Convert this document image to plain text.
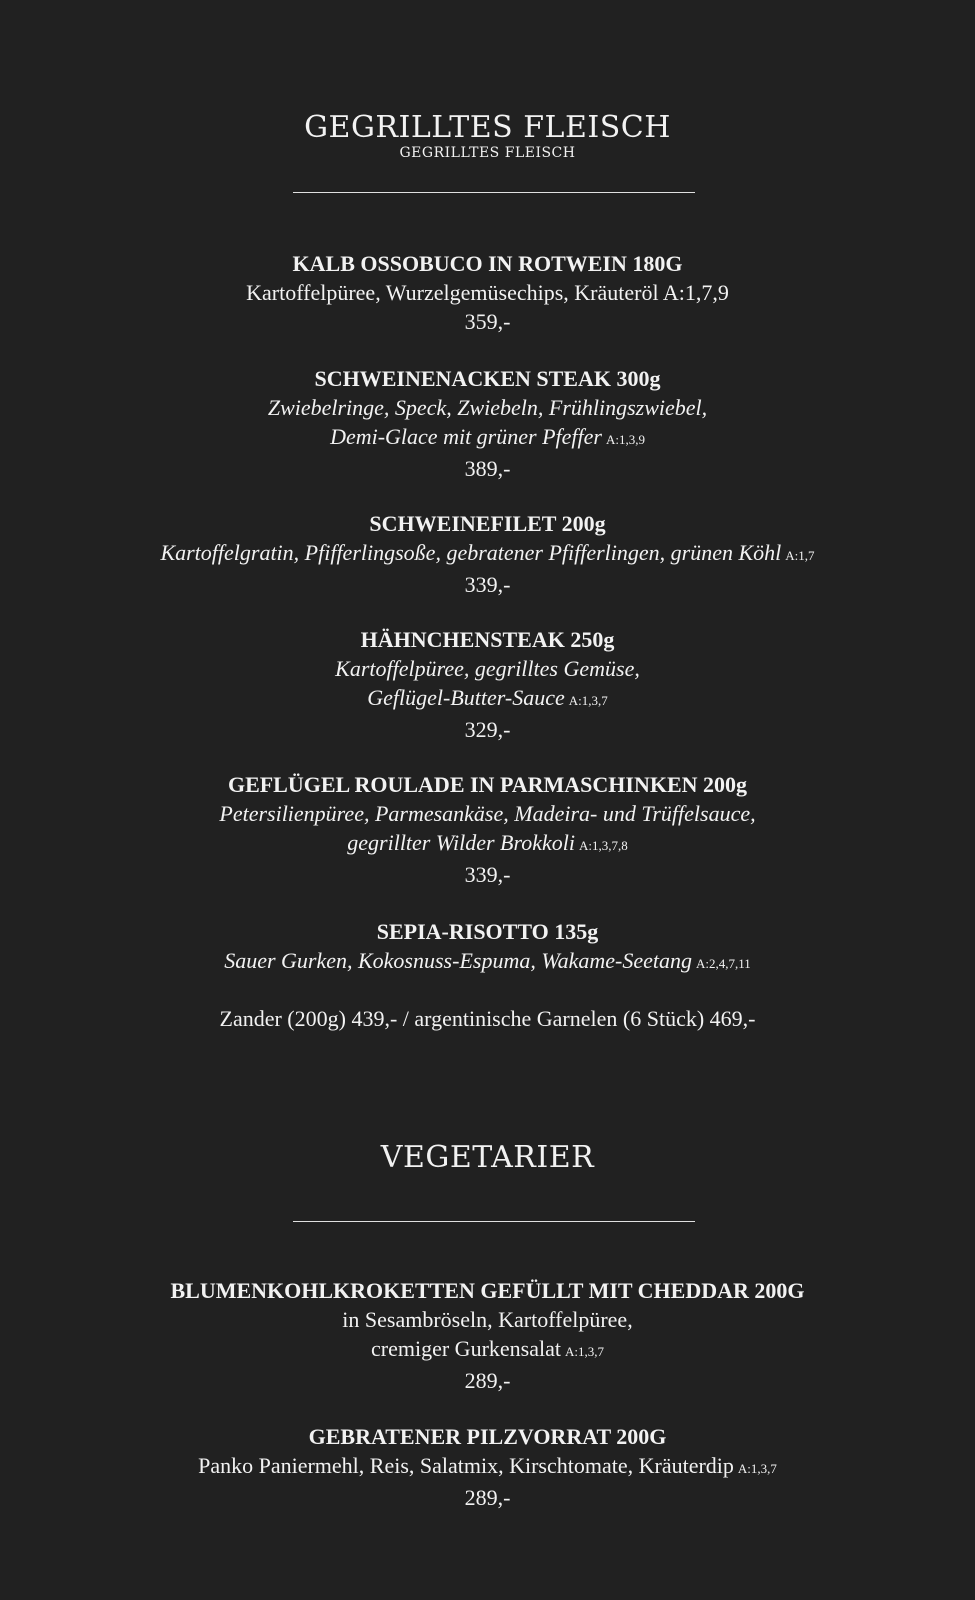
GEGRILLTES FLEISCH
GEGRILLTES FLEISCH

KALB OSSOBUCO IN ROTWEIN 180G

Kartoffelpüree, Wurzelgemüsechips, Kräuteröl A:1,7,9

359,-

SCHWEINENACKEN STEAK 300g

Zwiebelringe, Speck, Zwiebeln, Frühlingszwiebel,

Demi-Glace mit grüner Pfeffer A:1,3,9

389,-

SCHWEINEFILET 200g

Kartoffelgratin, Pfifferlingsoße, gebratener Pfifferlingen, grünen Köhl A:1,7

339,-

HÄHNCHENSTEAK 250g

Kartoffelpüree, gegrilltes Gemüse,

Geflügel-Butter-Sauce A:1,3,7

329,-

GEFLÜGEL ROULADE IN PARMASCHINKEN 200g

Petersilienpüree, Parmesankäse, Madeira- und Trüffelsauce,

gegrillter Wilder Brokkoli A:1,3,7,8

339,-

SEPIA-RISOTTO 135g

Sauer Gurken, Kokosnuss-Espuma, Wakame-Seetang A:2,4,7,11

Zander (200g) 439,- / argentinische Garnelen (6 Stück) 469,-
VEGETARIER

BLUMENKOHLKROKETTEN GEFÜLLT MIT CHEDDAR 200G

in Sesambröseln, Kartoffelpüree,

cremiger Gurkensalat A:1,3,7

289,-

GEBRATENER PILZVORRAT 200G

Panko Paniermehl, Reis, Salatmix, Kirschtomate, Kräuterdip A:1,3,7

289,-
